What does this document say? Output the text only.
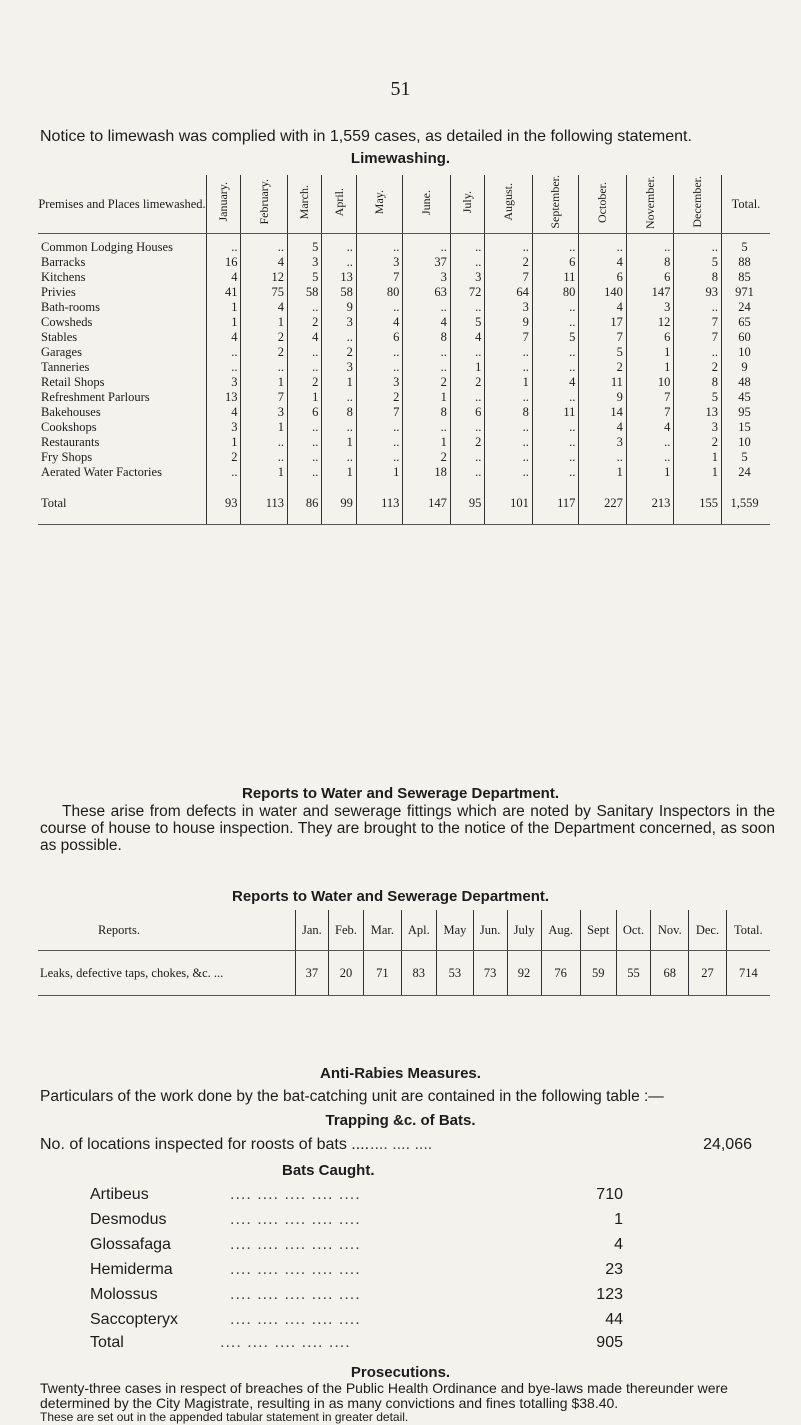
51
Notice to limewash was complied with in 1,559 cases, as detailed in the following statement.
Limewashing.
Premises and Places limewashed.	January.	February.	March.	April.	May.	June.	July.	August.	September.	October.	November.	December.	Total.
Common Lodging Houses	..	..	5	..	..	..	..	..	..	..	..	..	5
Barracks	16	4	3	..	3	37	..	2	6	4	8	5	88
Kitchens	4	12	5	13	7	3	3	7	11	6	6	8	85
Privies	41	75	58	58	80	63	72	64	80	140	147	93	971
Bath-rooms	1	4	..	9	..	..	..	3	..	4	3	..	24
Cowsheds	1	1	2	3	4	4	5	9	..	17	12	7	65
Stables	4	2	4	..	6	8	4	7	5	7	6	7	60
Garages	..	2	..	2	..	..	..	..	..	5	1	..	10
Tanneries	..	..	..	3	..	..	1	..	..	2	1	2	9
Retail Shops	3	1	2	1	3	2	2	1	4	11	10	8	48
Refreshment Parlours	13	7	1	..	2	1	..	..	..	9	7	5	45
Bakehouses	4	3	6	8	7	8	6	8	11	14	7	13	95
Cookshops	3	1	..	..	..	..	..	..	..	4	4	3	15
Restaurants	1	..	..	1	..	1	2	..	..	3	..	2	10
Fry Shops	2	..	..	..	..	2	..	..	..	..	..	1	5
Aerated Water Factories	..	1	..	1	1	18	..	..	..	1	1	1	24
Total	93	113	86	99	113	147	95	101	117	227	213	155	1,559
Reports to Water and Sewerage Department.
These arise from defects in water and sewerage fittings which are noted by Sanitary Inspectors in the course of house to house inspection. They are brought to the notice of the Department concerned, as soon as possible.
Reports to Water and Sewerage Department.
Reports.	Jan.	Feb.	Mar.	Apl.	May	Jun.	July	Aug.	Sept	Oct.	Nov.	Dec.	Total.
Leaks, defective taps, chokes, &c. ...	37	20	71	83	53	73	92	76	59	55	68	27	714
Anti-Rabies Measures.
Particulars of the work done by the bat-catching unit are contained in the following table :—
Trapping &c. of Bats.
No. of locations inspected for roosts of bats .... .... .... ....	24,066
Bats Caught.
Artibeus	.... .... .... .... ....	710
Desmodus	.... .... .... .... ....	1
Glossafaga	.... .... .... .... ....	4
Hemiderma	.... .... .... .... ....	23
Molossus	.... .... .... .... ....	123
Saccopteryx	.... .... .... .... ....	44
Total	.... .... .... .... ....	905
Prosecutions.
Twenty-three cases in respect of breaches of the Public Health Ordinance and bye-laws made thereunder were determined by the City Magistrate, resulting in as many convictions and fines totalling $38.40.
These are set out in the appended tabular statement in greater detail.
